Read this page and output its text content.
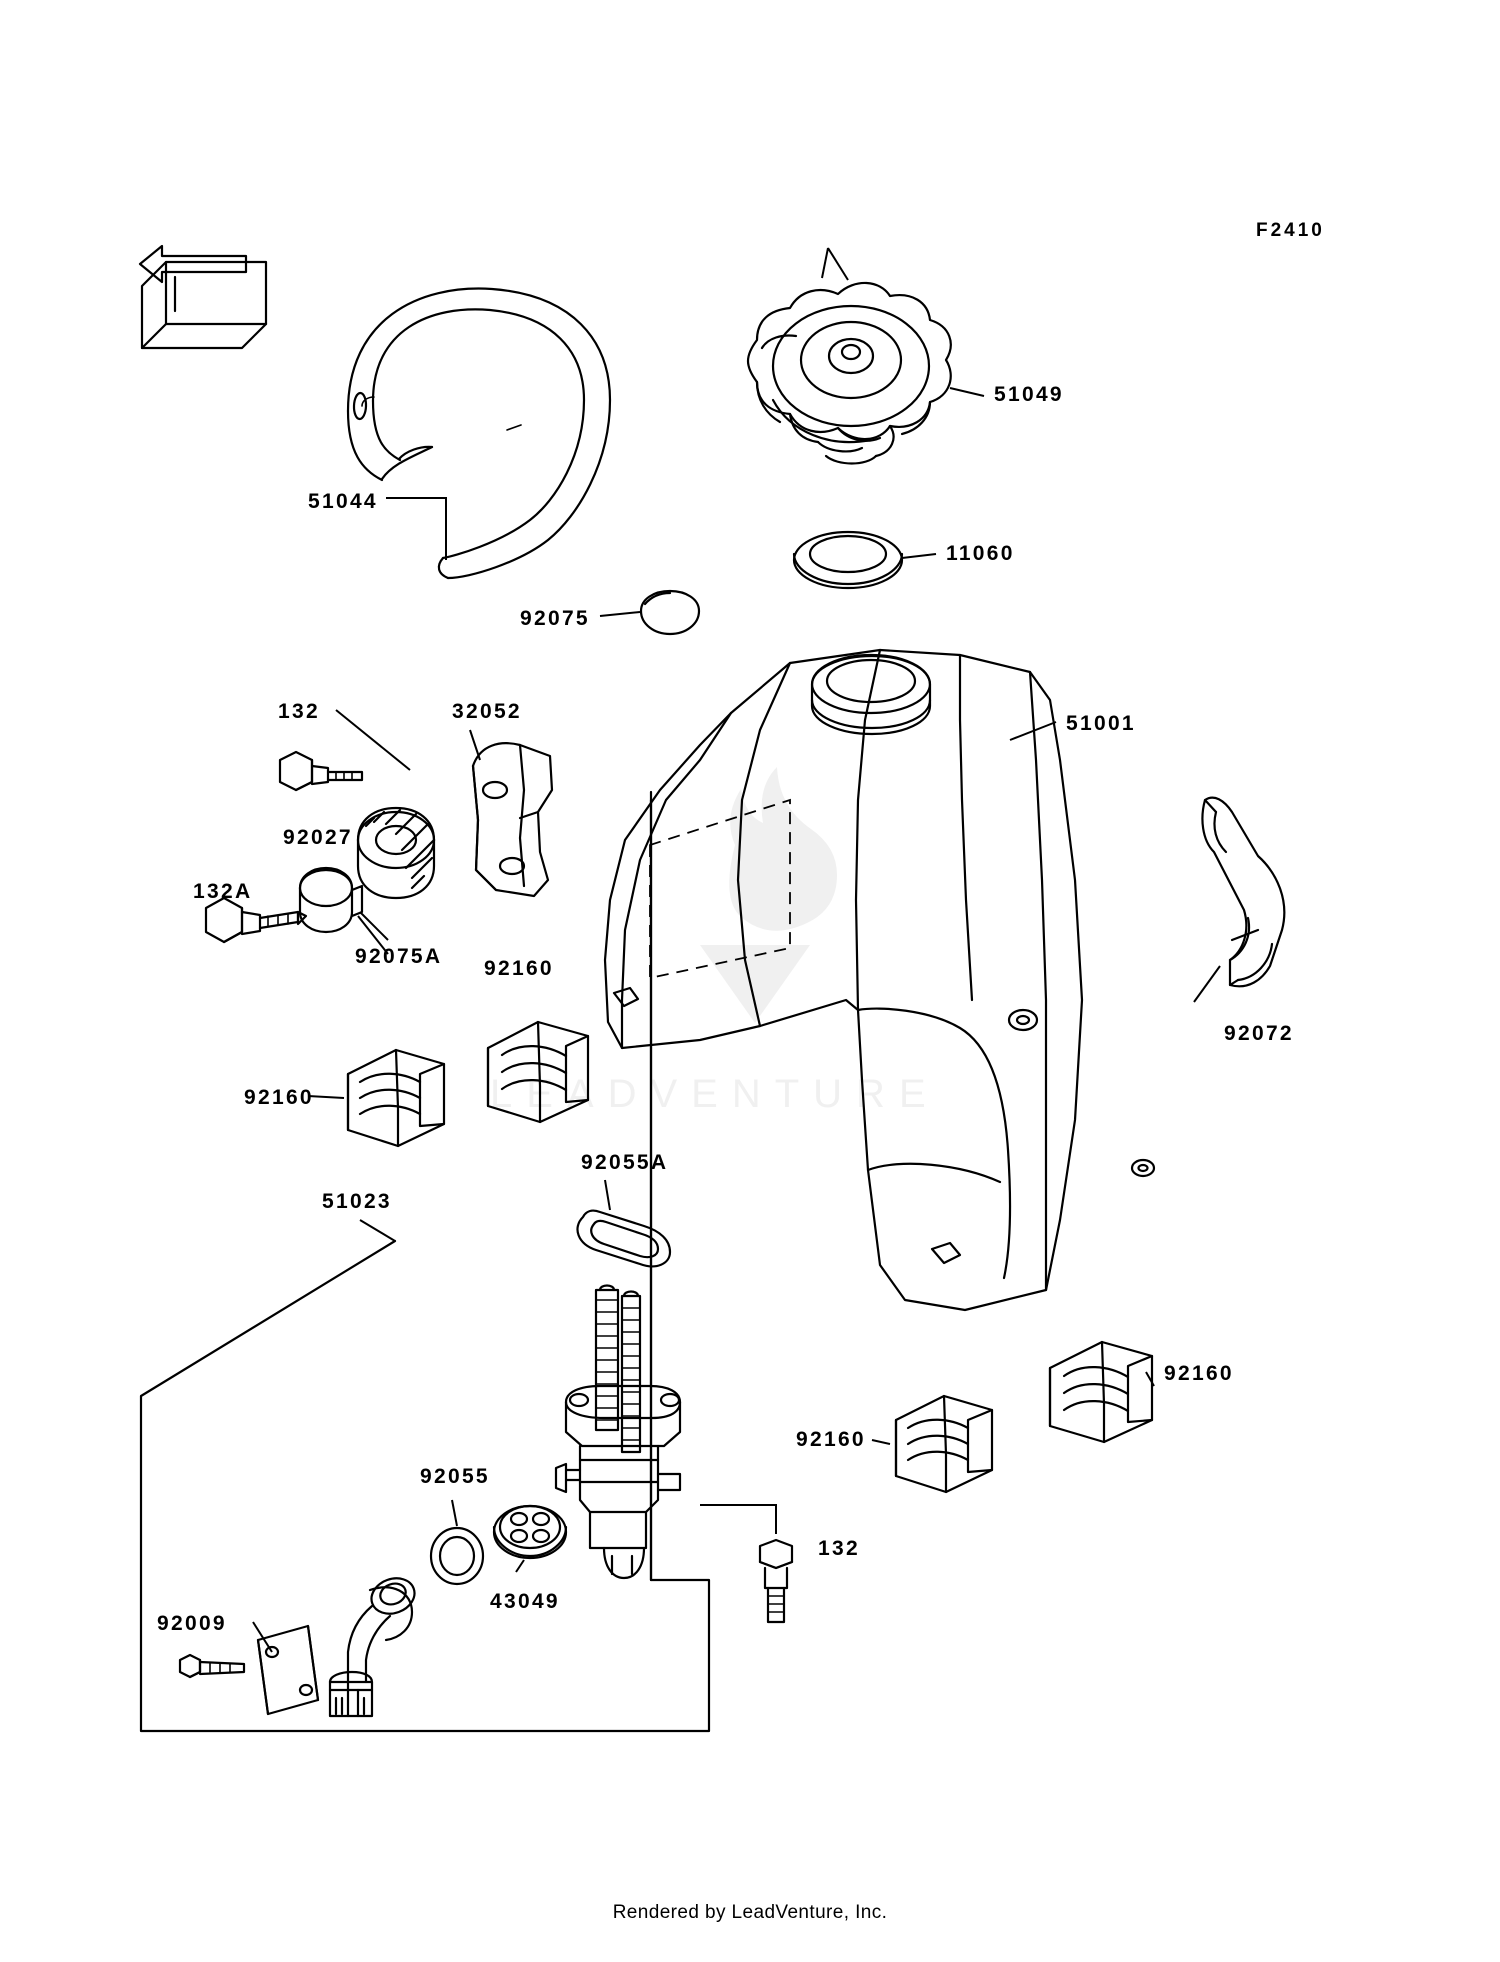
LEADVENTURE
F2410
51049
11060
51044
92075
32052
132
92027
132A
92075A
51001
92072
92160
92160
92160
92160
92055A
51023
92055
43049
132
92009
Rendered by LeadVenture, Inc.
